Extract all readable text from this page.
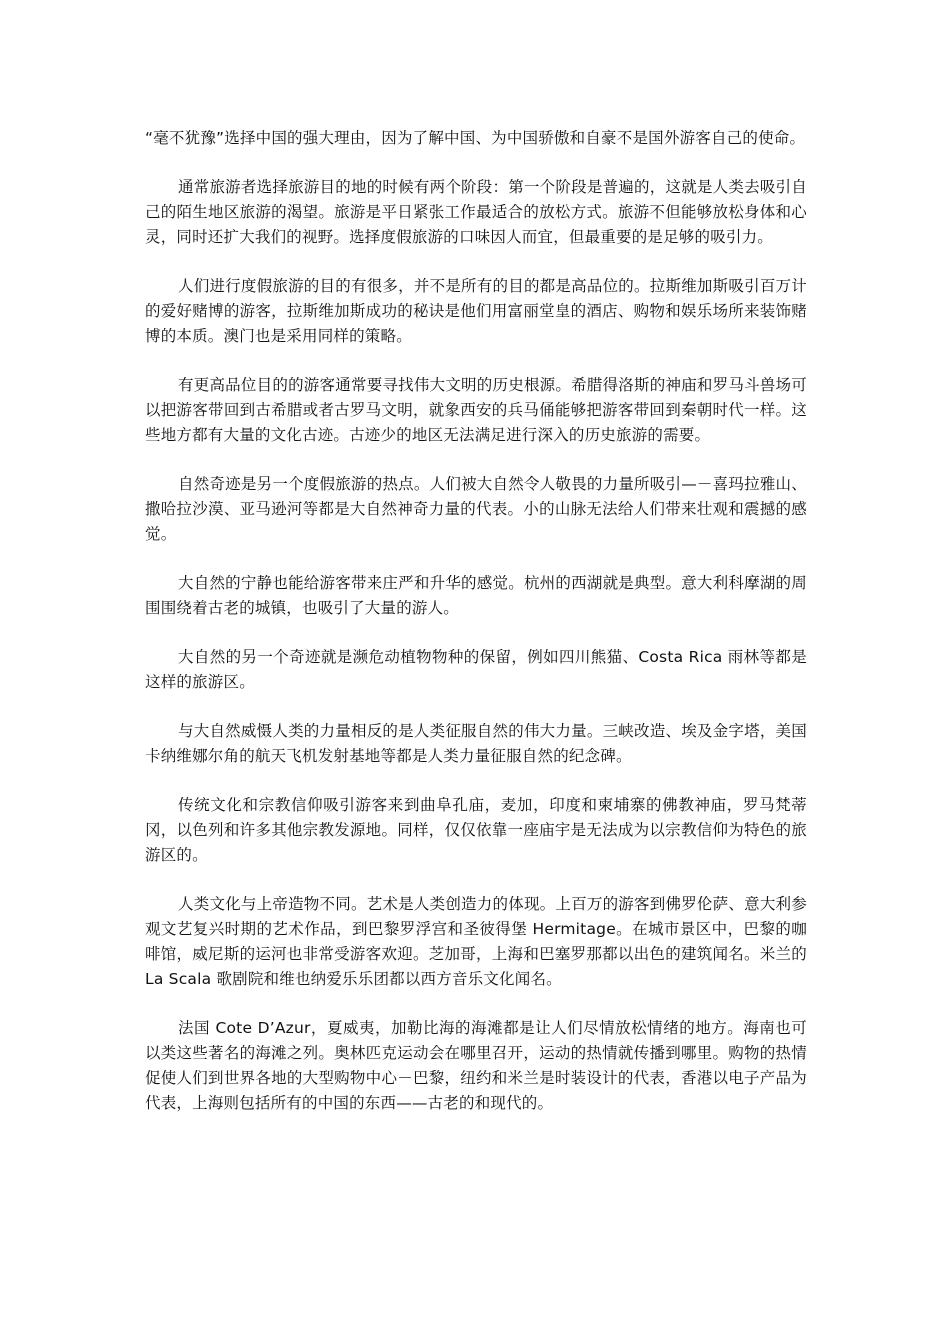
“毫不犹豫”选择中国的强大理由，因为了解中国、为中国骄傲和自豪不是国外游客自己的使命。

通常旅游者选择旅游目的地的时候有两个阶段：第一个阶段是普遍的，这就是人类去吸引自己的陌生地区旅游的渴望。旅游是平日紧张工作最适合的放松方式。旅游不但能够放松身体和心灵，同时还扩大我们的视野。选择度假旅游的口味因人而宜，但最重要的是足够的吸引力。

人们进行度假旅游的目的有很多，并不是所有的目的都是高品位的。拉斯维加斯吸引百万计的爱好赌博的游客，拉斯维加斯成功的秘诀是他们用富丽堂皇的酒店、购物和娱乐场所来装饰赌博的本质。澳门也是采用同样的策略。

有更高品位目的的游客通常要寻找伟大文明的历史根源。希腊得洛斯的神庙和罗马斗兽场可以把游客带回到古希腊或者古罗马文明，就象西安的兵马俑能够把游客带回到秦朝时代一样。这些地方都有大量的文化古迹。古迹少的地区无法满足进行深入的历史旅游的需要。

自然奇迹是另一个度假旅游的热点。人们被大自然令人敬畏的力量所吸引—－喜玛拉雅山、撒哈拉沙漠、亚马逊河等都是大自然神奇力量的代表。小的山脉无法给人们带来壮观和震撼的感觉。

大自然的宁静也能给游客带来庄严和升华的感觉。杭州的西湖就是典型。意大利科摩湖的周围围绕着古老的城镇，也吸引了大量的游人。

大自然的另一个奇迹就是濒危动植物物种的保留，例如四川熊猫、Costa Rica 雨林等都是这样的旅游区。

与大自然威慑人类的力量相反的是人类征服自然的伟大力量。三峡改造、埃及金字塔，美国卡纳维娜尔角的航天飞机发射基地等都是人类力量征服自然的纪念碑。

传统文化和宗教信仰吸引游客来到曲阜孔庙，麦加，印度和柬埔寨的佛教神庙，罗马梵蒂冈，以色列和许多其他宗教发源地。同样，仅仅依靠一座庙宇是无法成为以宗教信仰为特色的旅游区的。

人类文化与上帝造物不同。艺术是人类创造力的体现。上百万的游客到佛罗伦萨、意大利参观文艺复兴时期的艺术作品，到巴黎罗浮宫和圣彼得堡 Hermitage。在城市景区中，巴黎的咖啡馆，威尼斯的运河也非常受游客欢迎。芝加哥，上海和巴塞罗那都以出色的建筑闻名。米兰的 La Scala 歌剧院和维也纳爱乐乐团都以西方音乐文化闻名。

法国 Cote D’Azur，夏威夷，加勒比海的海滩都是让人们尽情放松情绪的地方。海南也可以类这些著名的海滩之列。奥林匹克运动会在哪里召开，运动的热情就传播到哪里。购物的热情促使人们到世界各地的大型购物中心－巴黎，纽约和米兰是时装设计的代表，香港以电子产品为代表，上海则包括所有的中国的东西——古老的和现代的。
